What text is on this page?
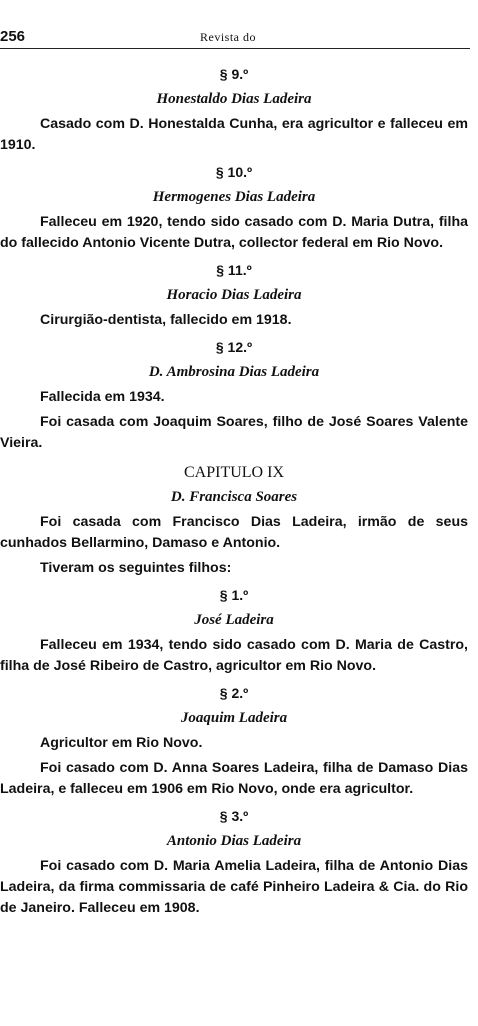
256	Revista do
§ 9.º
Honestaldo Dias Ladeira

Casado com D. Honestalda Cunha, era agricultor e falleceu em 1910.

§ 10.º
Hermogenes Dias Ladeira

Falleceu em 1920, tendo sido casado com D. Maria Dutra, filha do fallecido Antonio Vicente Dutra, collector federal em Rio Novo.

§ 11.º
Horacio Dias Ladeira

Cirurgião-dentista, fallecido em 1918.

§ 12.º
D. Ambrosina Dias Ladeira

Fallecida em 1934.

Foi casada com Joaquim Soares, filho de José Soares Valente Vieira.

CAPITULO IX
D. Francisca Soares

Foi casada com Francisco Dias Ladeira, irmão de seus cunhados Bellarmino, Damaso e Antonio.

Tiveram os seguintes filhos:

§ 1.º
José Ladeira

Falleceu em 1934, tendo sido casado com D. Maria de Castro, filha de José Ribeiro de Castro, agricultor em Rio Novo.

§ 2.º
Joaquim Ladeira

Agricultor em Rio Novo.

Foi casado com D. Anna Soares Ladeira, filha de Damaso Dias Ladeira, e falleceu em 1906 em Rio Novo, onde era agricultor.

§ 3.º
Antonio Dias Ladeira

Foi casado com D. Maria Amelia Ladeira, filha de Antonio Dias Ladeira, da firma commissaria de café Pinheiro Ladeira & Cia. do Rio de Janeiro. Falleceu em 1908.
